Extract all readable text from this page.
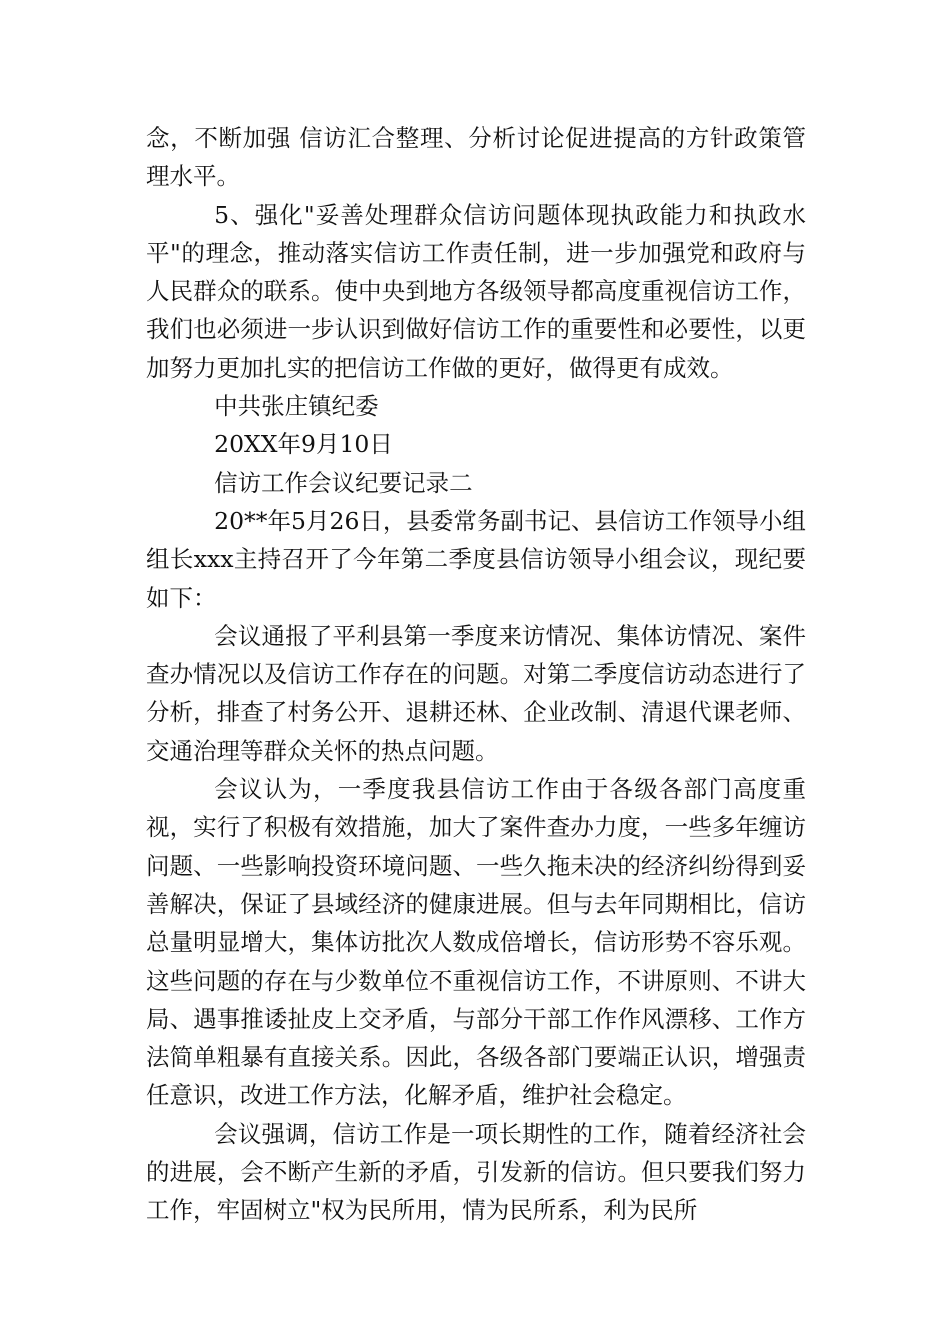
念，不断加强 信访汇合整理、分析讨论促进提高的方针政策管理水平。

5、强化"妥善处理群众信访问题体现执政能力和执政水平"的理念，推动落实信访工作责任制，进一步加强党和政府与人民群众的联系。使中央到地方各级领导都高度重视信访工作，我们也必须进一步认识到做好信访工作的重要性和必要性，以更加努力更加扎实的把信访工作做的更好，做得更有成效。

中共张庄镇纪委

20XX年9月10日

信访工作会议纪要记录二

20**年5月26日，县委常务副书记、县信访工作领导小组组长xxx主持召开了今年第二季度县信访领导小组会议，现纪要如下：

会议通报了平利县第一季度来访情况、集体访情况、案件查办情况以及信访工作存在的问题。对第二季度信访动态进行了分析，排查了村务公开、退耕还林、企业改制、清退代课老师、交通治理等群众关怀的热点问题。

会议认为，一季度我县信访工作由于各级各部门高度重视，实行了积极有效措施，加大了案件查办力度，一些多年缠访问题、一些影响投资环境问题、一些久拖未决的经济纠纷得到妥善解决，保证了县域经济的健康进展。但与去年同期相比，信访总量明显增大，集体访批次人数成倍增长，信访形势不容乐观。这些问题的存在与少数单位不重视信访工作，不讲原则、不讲大局、遇事推诿扯皮上交矛盾，与部分干部工作作风漂移、工作方法简单粗暴有直接关系。因此，各级各部门要端正认识，增强责任意识，改进工作方法，化解矛盾，维护社会稳定。

会议强调，信访工作是一项长期性的工作，随着经济社会的进展，会不断产生新的矛盾，引发新的信访。但只要我们努力工作，牢固树立"权为民所用，情为民所系，利为民所
